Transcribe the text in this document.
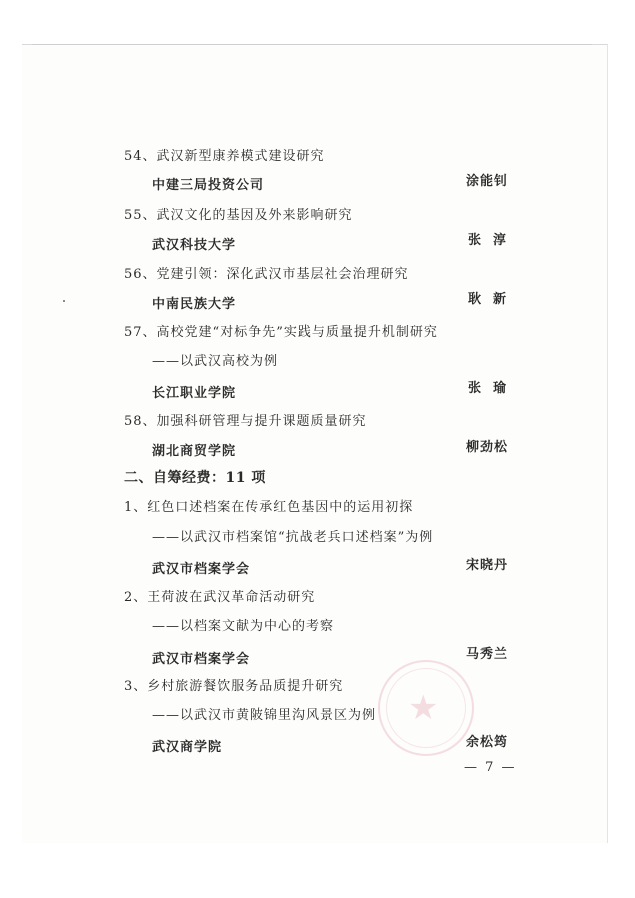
54、武汉新型康养模式建设研究
中建三局投资公司	涂能钊
55、武汉文化的基因及外来影响研究
武汉科技大学	张  淳
56、党建引领：深化武汉市基层社会治理研究
中南民族大学	耿  新
57、高校党建“对标争先”实践与质量提升机制研究
——以武汉高校为例
长江职业学院	张  瑜
58、加强科研管理与提升课题质量研究
湖北商贸学院	柳劲松
二、自筹经费：11 项
1、红色口述档案在传承红色基因中的运用初探
——以武汉市档案馆“抗战老兵口述档案”为例
武汉市档案学会	宋晓丹
2、王荷波在武汉革命活动研究
——以档案文献为中心的考察
武汉市档案学会	马秀兰
3、乡村旅游餐饮服务品质提升研究
——以武汉市黄陂锦里沟风景区为例
武汉商学院	余松筠
— 7 —
★
